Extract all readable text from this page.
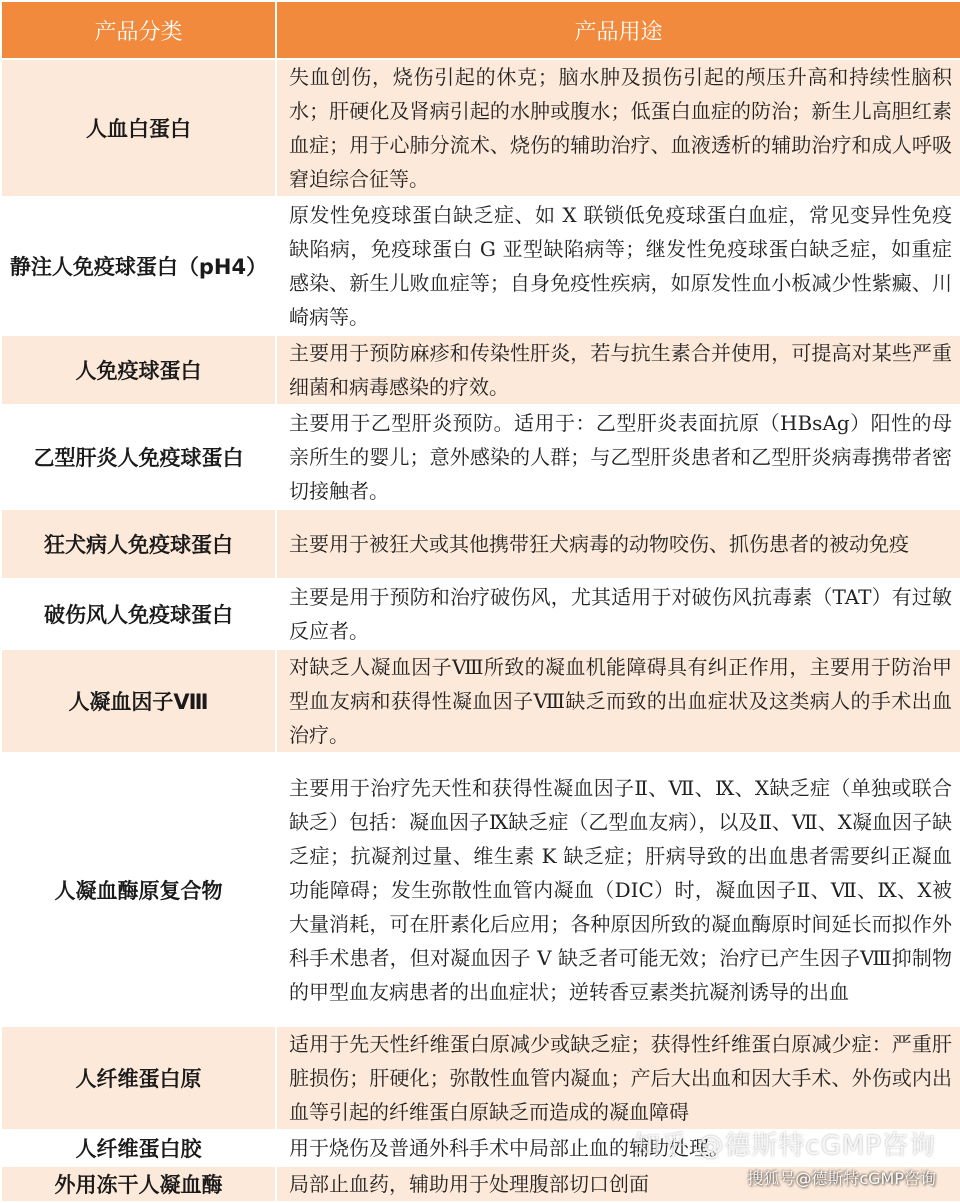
产品分类	产品用途
人血白蛋白	失血创伤，烧伤引起的休克；脑水肿及损伤引起的颅压升高和持续性脑积水；肝硬化及肾病引起的水肿或腹水；低蛋白血症的防治；新生儿高胆红素血症；用于心肺分流术、烧伤的辅助治疗、血液透析的辅助治疗和成人呼吸窘迫综合征等。
静注人免疫球蛋白（pH4）	原发性免疫球蛋白缺乏症、如 X 联锁低免疫球蛋白血症，常见变异性免疫缺陷病，免疫球蛋白 G 亚型缺陷病等；继发性免疫球蛋白缺乏症，如重症感染、新生儿败血症等；自身免疫性疾病，如原发性血小板减少性紫癜、川崎病等。
人免疫球蛋白	主要用于预防麻疹和传染性肝炎，若与抗生素合并使用，可提高对某些严重细菌和病毒感染的疗效。
乙型肝炎人免疫球蛋白	主要用于乙型肝炎预防。适用于：乙型肝炎表面抗原（HBsAg）阳性的母亲所生的婴儿；意外感染的人群；与乙型肝炎患者和乙型肝炎病毒携带者密切接触者。
狂犬病人免疫球蛋白	主要用于被狂犬或其他携带狂犬病毒的动物咬伤、抓伤患者的被动免疫
破伤风人免疫球蛋白	主要是用于预防和治疗破伤风，尤其适用于对破伤风抗毒素（TAT）有过敏反应者。
人凝血因子Ⅷ	对缺乏人凝血因子Ⅷ所致的凝血机能障碍具有纠正作用，主要用于防治甲型血友病和获得性凝血因子Ⅷ缺乏而致的出血症状及这类病人的手术出血治疗。
人凝血酶原复合物	主要用于治疗先天性和获得性凝血因子Ⅱ、Ⅶ、Ⅸ、Ⅹ缺乏症（单独或联合缺乏）包括：凝血因子Ⅸ缺乏症（乙型血友病），以及Ⅱ、Ⅶ、Ⅹ凝血因子缺乏症；抗凝剂过量、维生素 K 缺乏症；肝病导致的出血患者需要纠正凝血功能障碍；发生弥散性血管内凝血（DIC）时，凝血因子Ⅱ、Ⅶ、Ⅸ、Ⅹ被大量消耗，可在肝素化后应用；各种原因所致的凝血酶原时间延长而拟作外科手术患者，但对凝血因子 V 缺乏者可能无效；治疗已产生因子Ⅷ抑制物的甲型血友病患者的出血症状；逆转香豆素类抗凝剂诱导的出血
人纤维蛋白原	适用于先天性纤维蛋白原减少或缺乏症；获得性纤维蛋白原减少症：严重肝脏损伤；肝硬化；弥散性血管内凝血；产后大出血和因大手术、外伤或内出血等引起的纤维蛋白原缺乏而造成的凝血障碍
人纤维蛋白胶	用于烧伤及普通外科手术中局部止血的辅助处理。
外用冻干人凝血酶	局部止血药，辅助用于处理腹部切口创面
知乎 @德斯特cGMP咨询
搜狐号@德斯特cGMP咨询
